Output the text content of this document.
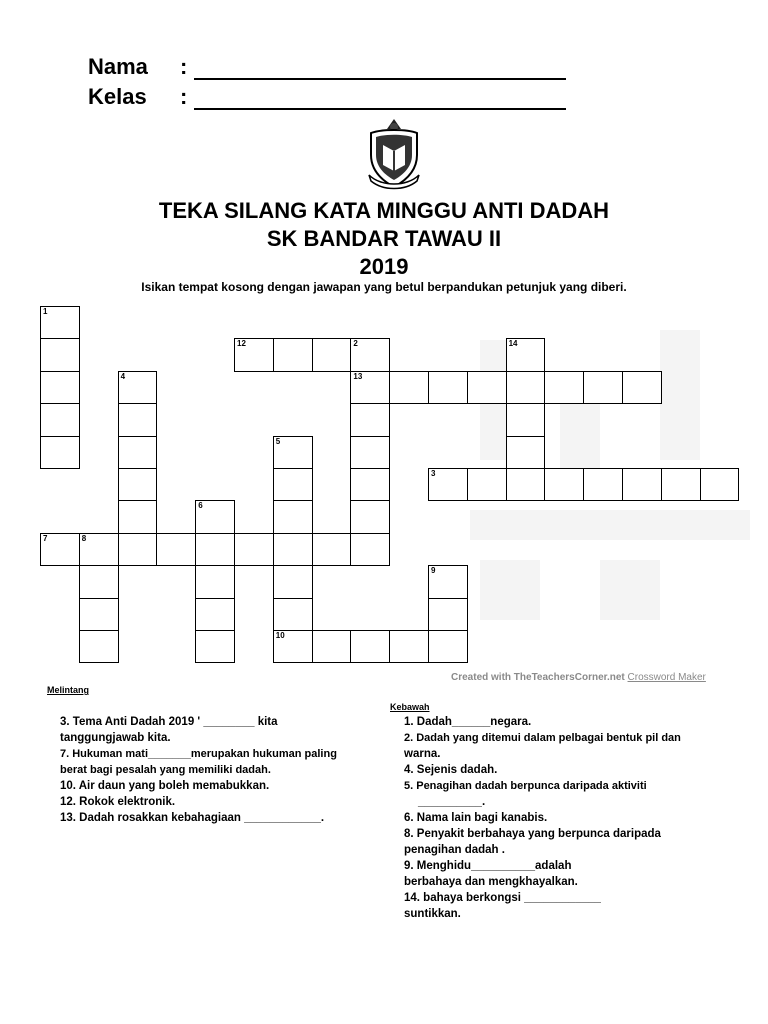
Nama	:
Kelas	:
TEKA SILANG KATA MINGGU ANTI DADAH
SK BANDAR TAWAU II
2019
Isikan tempat kosong dengan jawapan yang betul berpandukan petunjuk yang diberi.
1
12	2
13
14
4
5
3
6
7	8
9
10
Created with TheTeachersCorner.net Crossword Maker
Melintang
Kebawah
3. Tema Anti Dadah 2019 ' ________ kita
tanggungjawab kita.
7. Hukuman mati_______merupakan hukuman paling
berat bagi pesalah yang memiliki dadah.
10. Air daun yang boleh memabukkan.
12. Rokok elektronik.
13. Dadah rosakkan kebahagiaan ____________.
1. Dadah______negara.
2. Dadah yang ditemui dalam pelbagai bentuk pil dan
warna.
4. Sejenis dadah.
5. Penagihan dadah berpunca daripada aktiviti
__________.
6. Nama lain bagi kanabis.
8. Penyakit berbahaya yang berpunca daripada
penagihan dadah .
9. Menghidu__________adalah
berbahaya dan mengkhayalkan.
14. bahaya berkongsi ____________
suntikkan.
